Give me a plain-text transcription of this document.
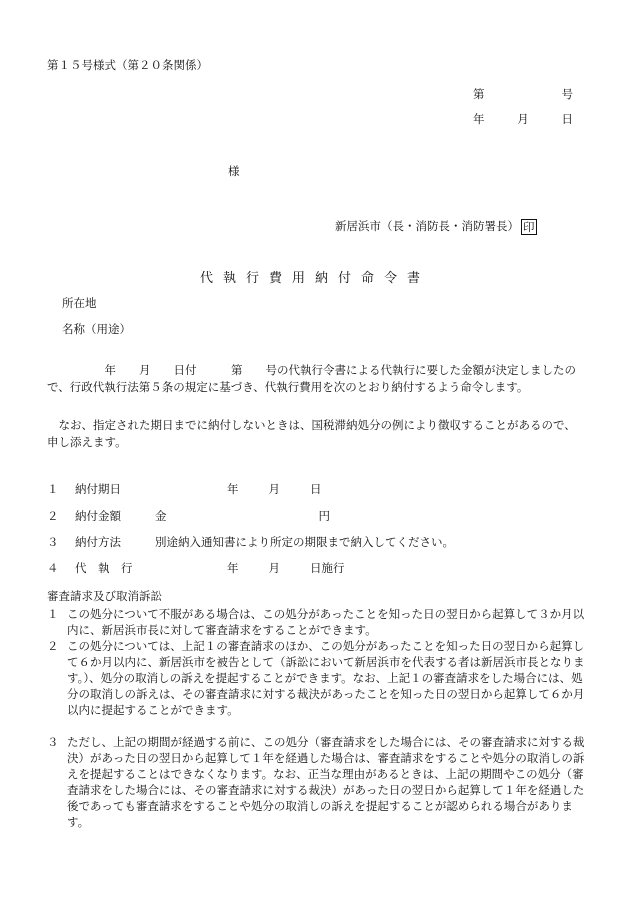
第１５号様式（第２０条関係）
第	号
年	月	日
様
新居浜市（長・消防長・消防署長） 印
代執行費用納付命令書
所在地
名称（用途）
　　　　　年　　月　　日付　　　第　　号の代執行令書による代執行に要した金額が決定しましたので、行政代執行法第５条の規定に基づき、代執行費用を次のとおり納付するよう命令します。
　なお、指定された期日までに納付しないときは、国税滞納処分の例により徴収することがあるので、申し添えます。
１	納付期日	年	月	日
２	納付金額	金	円
３	納付方法	別途納入通知書により所定の期限まで納入してください。
４	代　執　行	年	月	日施行
審査請求及び取消訴訟
１ この処分について不服がある場合は、この処分があったことを知った日の翌日から起算して３か月以内に、新居浜市長に対して審査請求をすることができます。
２ この処分については、上記１の審査請求のほか、この処分があったことを知った日の翌日から起算して６か月以内に、新居浜市を被告として（訴訟において新居浜市を代表する者は新居浜市長となります。）、処分の取消しの訴えを提起することができます。なお、上記１の審査請求をした場合には、処分の取消しの訴えは、その審査請求に対する裁決があったことを知った日の翌日から起算して６か月以内に提起することができます。
３ ただし、上記の期間が経過する前に、この処分（審査請求をした場合には、その審査請求に対する裁決）があった日の翌日から起算して１年を経過した場合は、審査請求をすることや処分の取消しの訴えを提起することはできなくなります。なお、正当な理由があるときは、上記の期間やこの処分（審査請求をした場合には、その審査請求に対する裁決）があった日の翌日から起算して１年を経過した後であっても審査請求をすることや処分の取消しの訴えを提起することが認められる場合があります。
